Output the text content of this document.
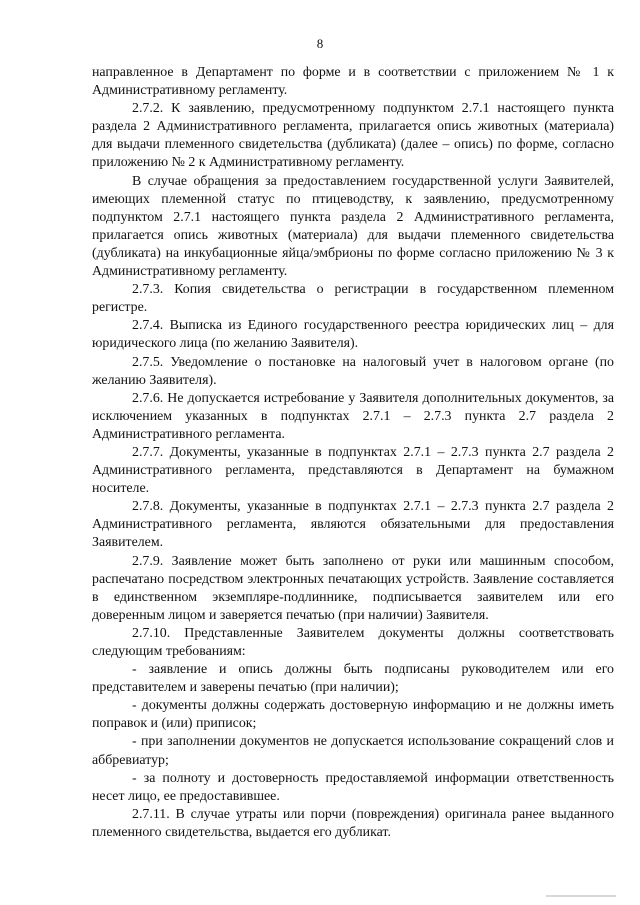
8

направленное в Департамент по форме и в соответствии с приложением № 1 к Административному регламенту.

2.7.2. К заявлению, предусмотренному подпунктом 2.7.1 настоящего пункта раздела 2 Административного регламента, прилагается опись животных (материала) для выдачи племенного свидетельства (дубликата) (далее – опись) по форме, согласно приложению № 2 к Административному регламенту.

В случае обращения за предоставлением государственной услуги Заявителей, имеющих племенной статус по птицеводству, к заявлению, предусмотренному подпунктом 2.7.1 настоящего пункта раздела 2 Административного регламента, прилагается опись животных (материала) для выдачи племенного свидетельства (дубликата) на инкубационные яйца/эмбрионы по форме согласно приложению № 3 к Административному регламенту.

2.7.3. Копия свидетельства о регистрации в государственном племенном регистре.

2.7.4. Выписка из Единого государственного реестра юридических лиц – для юридического лица (по желанию Заявителя).

2.7.5. Уведомление о постановке на налоговый учет в налоговом органе (по желанию Заявителя).

2.7.6. Не допускается истребование у Заявителя дополнительных документов, за исключением указанных в подпунктах 2.7.1 – 2.7.3 пункта 2.7 раздела 2 Административного регламента.

2.7.7. Документы, указанные в подпунктах 2.7.1 – 2.7.3 пункта 2.7 раздела 2 Административного регламента, представляются в Департамент на бумажном носителе.

2.7.8. Документы, указанные в подпунктах 2.7.1 – 2.7.3 пункта 2.7 раздела 2 Административного регламента, являются обязательными для предоставления Заявителем.

2.7.9. Заявление может быть заполнено от руки или машинным способом, распечатано посредством электронных печатающих устройств. Заявление составляется в единственном экземпляре-подлиннике, подписывается заявителем или его доверенным лицом и заверяется печатью (при наличии) Заявителя.

2.7.10. Представленные Заявителем документы должны соответствовать следующим требованиям:

- заявление и опись должны быть подписаны руководителем или его представителем и заверены печатью (при наличии);

- документы должны содержать достоверную информацию и не должны иметь поправок и (или) приписок;

- при заполнении документов не допускается использование сокращений слов и аббревиатур;

- за полноту и достоверность предоставляемой информации ответственность несет лицо, ее предоставившее.

2.7.11. В случае утраты или порчи (повреждения) оригинала ранее выданного племенного свидетельства, выдается его дубликат.
